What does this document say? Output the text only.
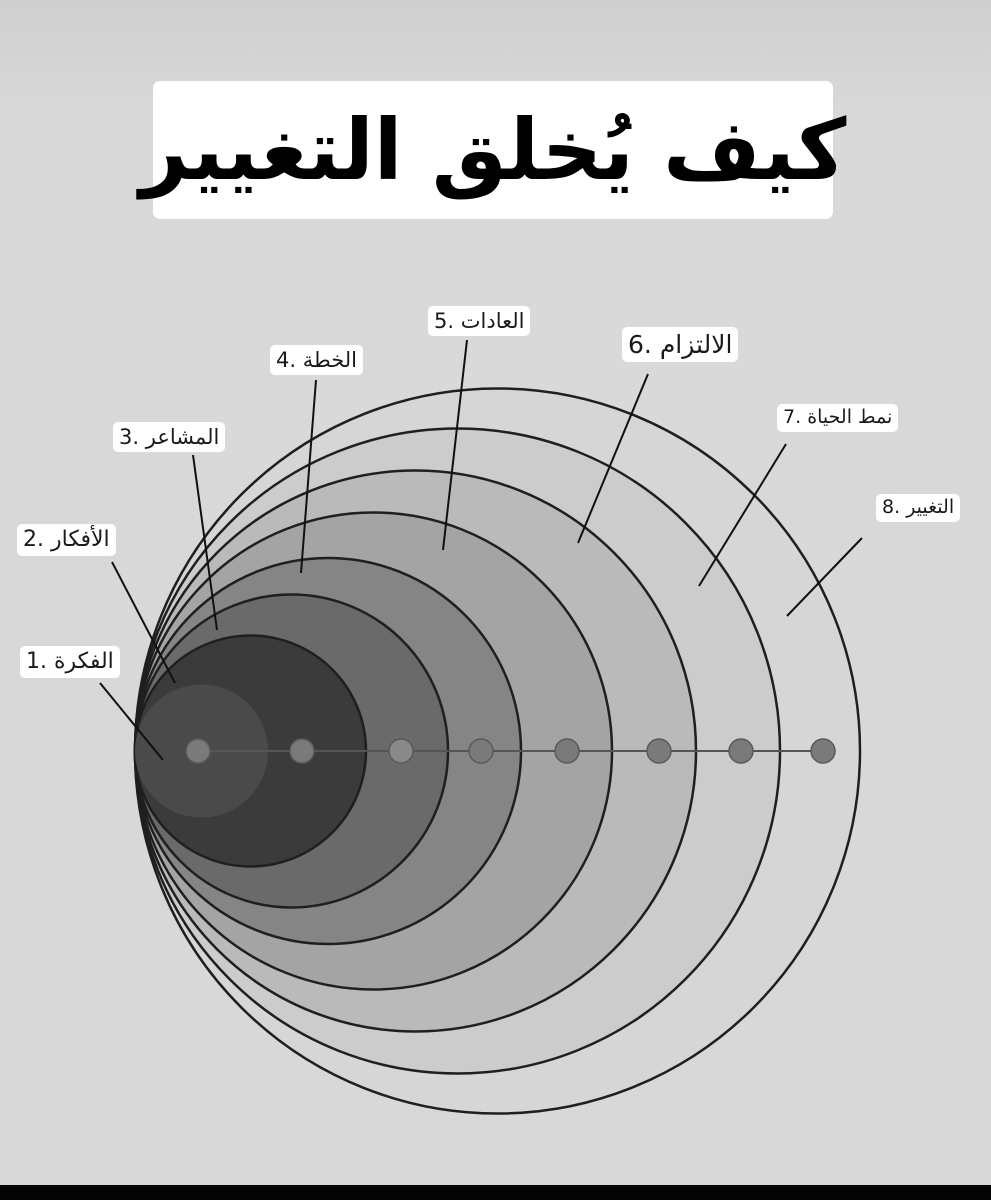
كيف يُخلق التغيير
1. الفكرة
2. الأفكار
3. المشاعر
4. الخطة
5. العادات
6. الالتزام
7. نمط الحياة
8. التغيير
